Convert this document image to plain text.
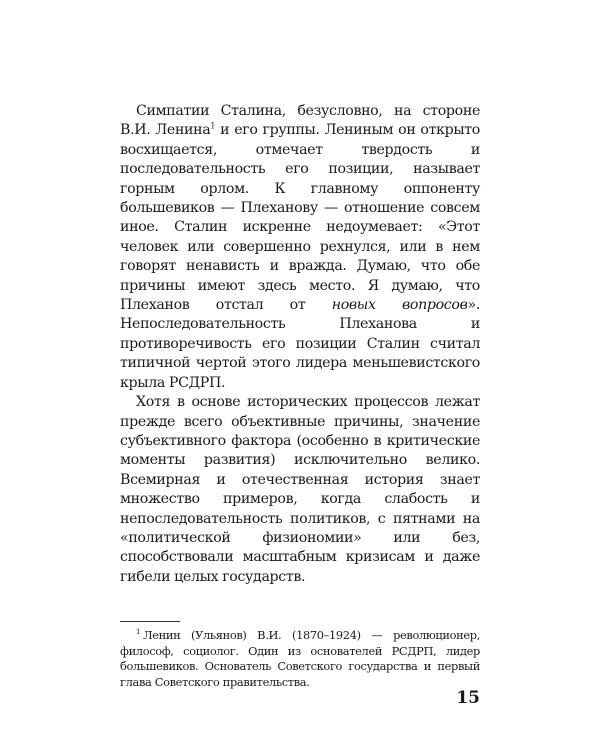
Симпатии Сталина, безусловно, на стороне В.И. Ленина$^1$ и его группы. Лениным он открыто восхищается, отмечает твердость и последовательность его позиции, называет горным орлом. К главному оппоненту большевиков — Плеханову — отношение совсем иное. Сталин искренне недоумевает: «Этот человек или совершенно рехнулся, или в нем говорят ненависть и вражда. Думаю, что обе причины имеют здесь место. Я думаю, что Плеханов отстал от новых вопросов». Непоследовательность Плеханова и противоречивость его позиции Сталин считал типичной чертой этого лидера меньшевистского крыла РСДРП.

Хотя в основе исторических процессов лежат прежде всего объективные причины, значение субъективного фактора (особенно в критические моменты развития) исключительно велико. Всемирная и отечественная история знает множество примеров, когда слабость и непоследовательность политиков, с пятнами на «политической физиономии» или без, способствовали масштабным кризисам и даже гибели целых государств.

$^1$ Ленин (Ульянов) В.И. (1870–1924) — революционер, философ, социолог. Один из основателей РСДРП, лидер большевиков. Основатель Советского государства и первый глава Советского правительства.

15
